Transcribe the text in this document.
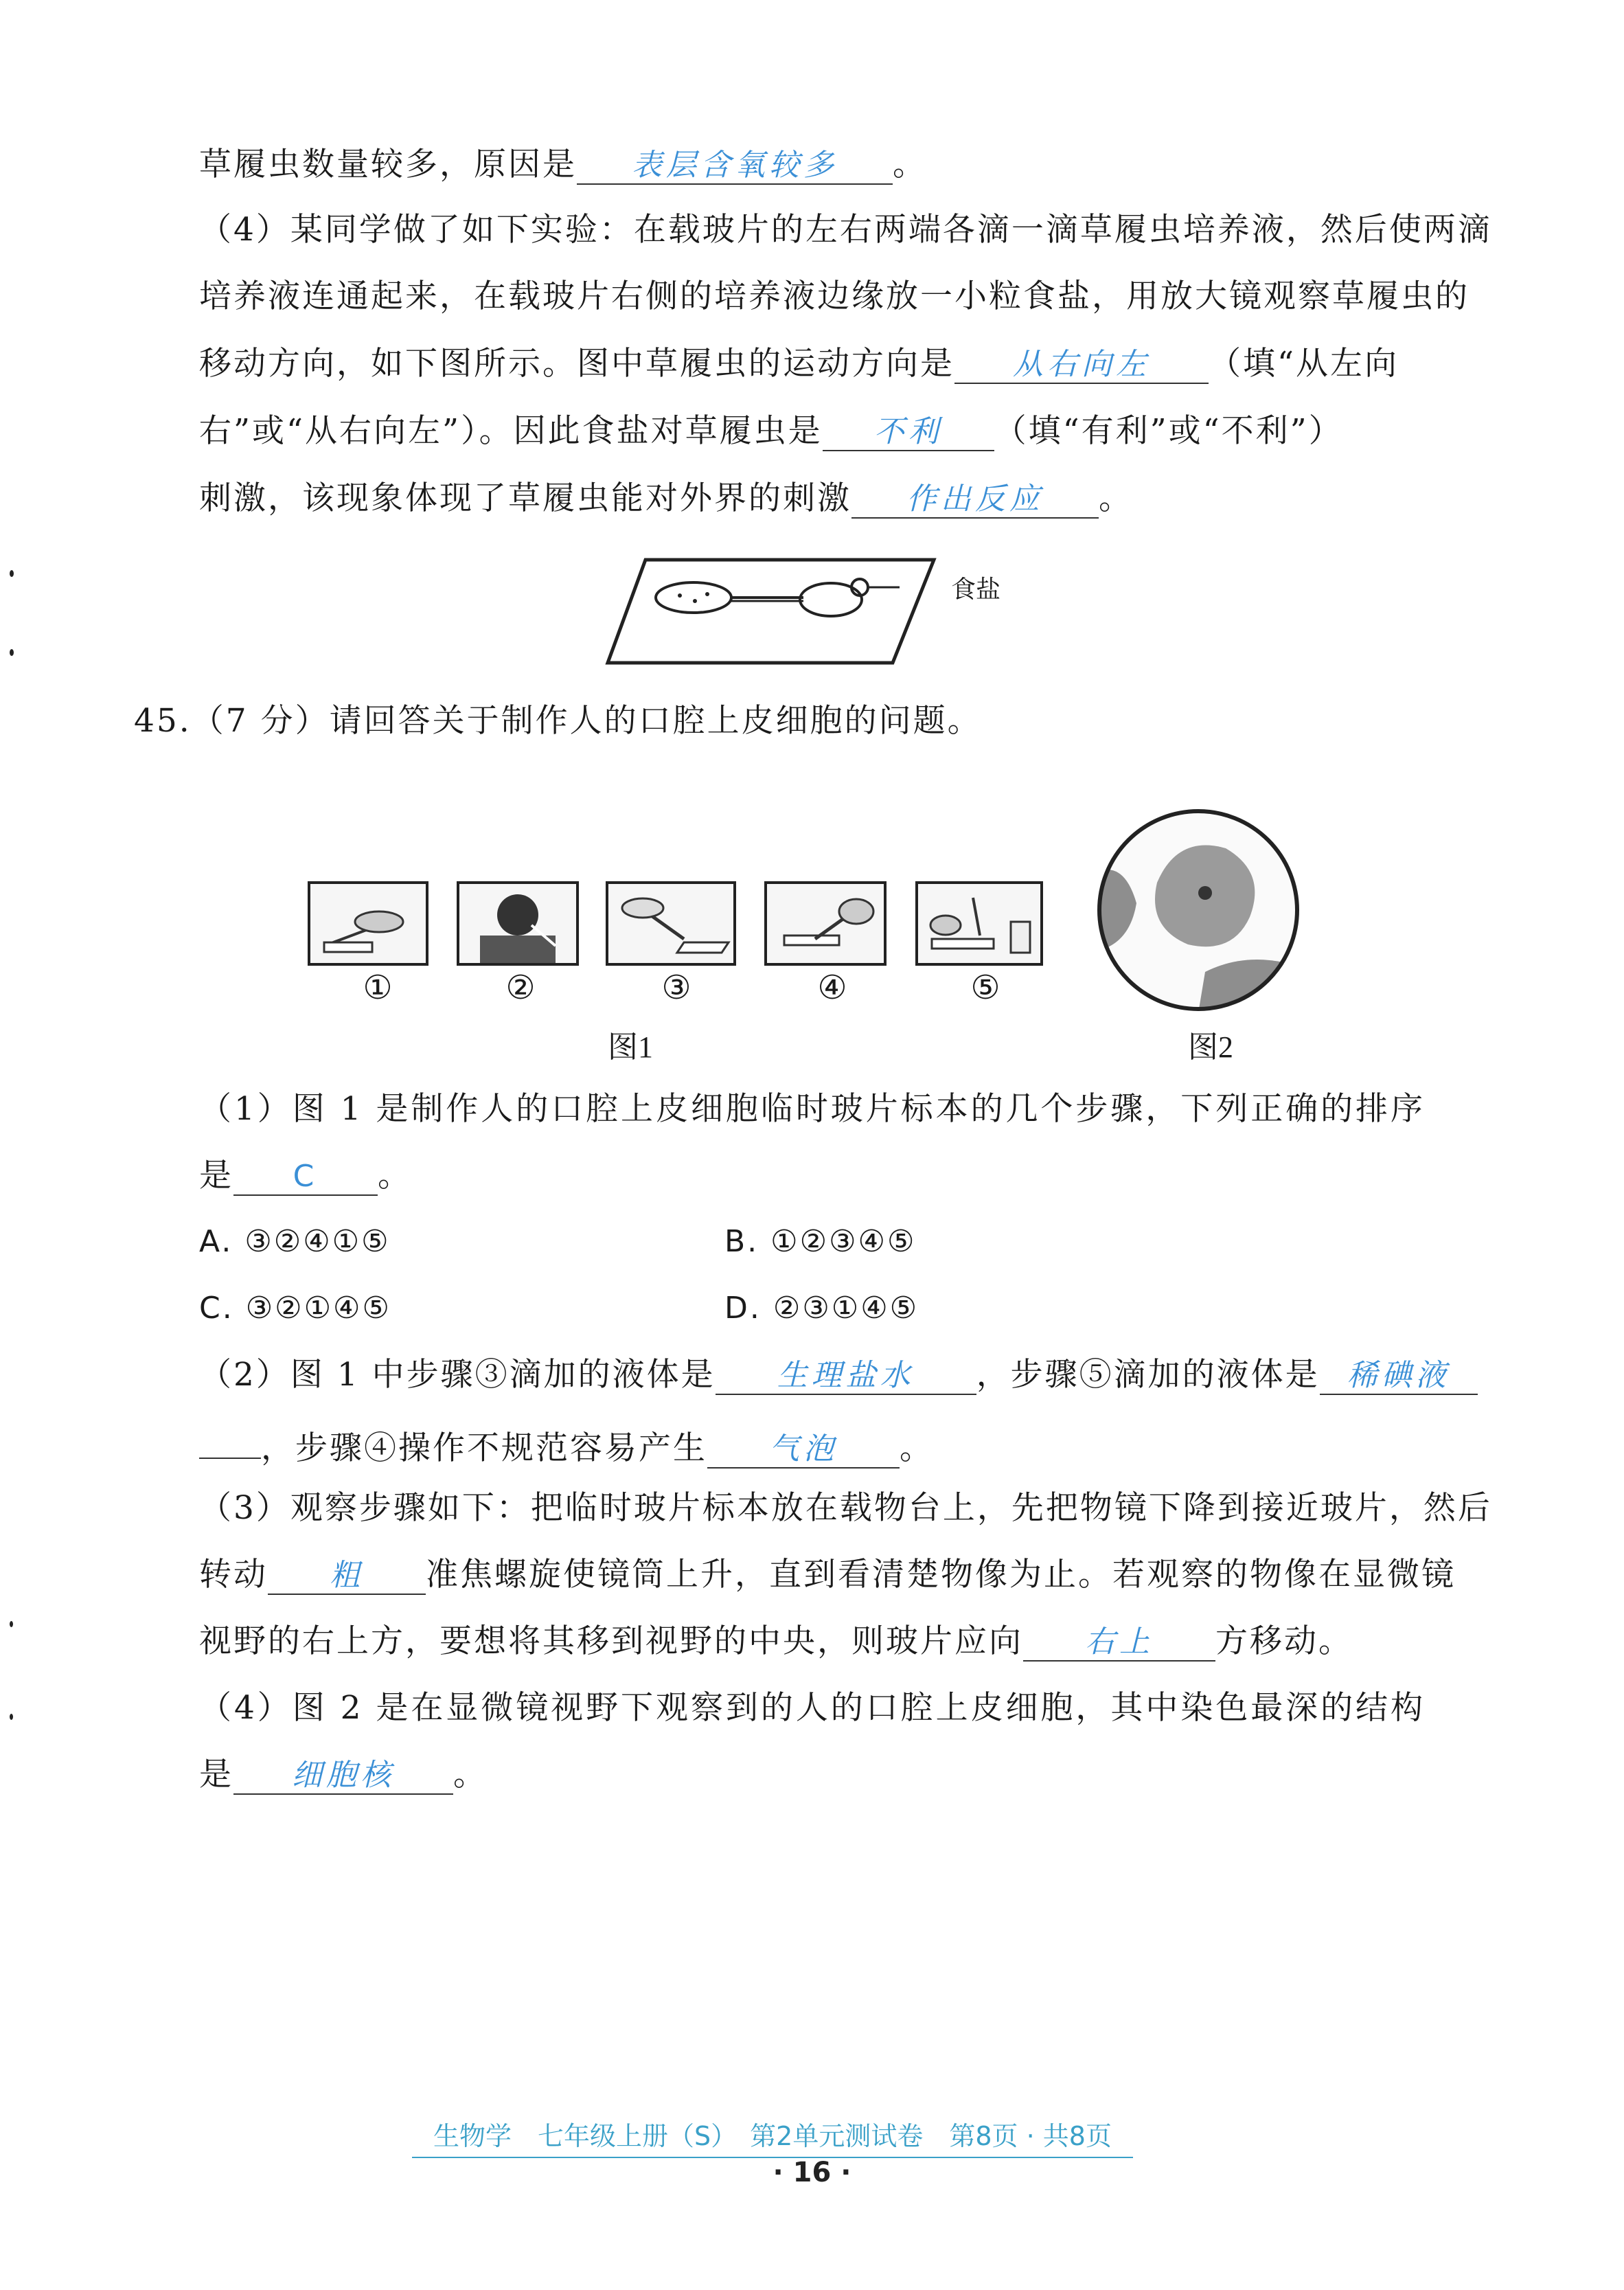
草履虫数量较多，原因是 表层含氧较多 。
（4）某同学做了如下实验：在载玻片的左右两端各滴一滴草履虫培养液，然后使两滴
培养液连通起来，在载玻片右侧的培养液边缘放一小粒食盐，用放大镜观察草履虫的
移动方向，如下图所示。图中草履虫的运动方向是 从右向左 （填“从左向
右”或“从右向左”）。因此食盐对草履虫是 不利 （填“有利”或“不利”）
刺激，该现象体现了草履虫能对外界的刺激 作出反应 。
食盐
45.（7 分）请回答关于制作人的口腔上皮细胞的问题。
①	②	③	④	⑤
图1	图2
（1）图 1 是制作人的口腔上皮细胞临时玻片标本的几个步骤，下列正确的排序
是 C 。
A. ③②④①⑤	B. ①②③④⑤
C. ③②①④⑤	D. ②③①④⑤
（2）图 1 中步骤③滴加的液体是 生理盐水 ，步骤⑤滴加的液体是 稀碘液
，步骤④操作不规范容易产生 气泡 。
（3）观察步骤如下：把临时玻片标本放在载物台上，先把物镜下降到接近玻片，然后
转动 粗 准焦螺旋使镜筒上升，直到看清楚物像为止。若观察的物像在显微镜
视野的右上方，要想将其移到视野的中央，则玻片应向 右上 方移动。
（4）图 2 是在显微镜视野下观察到的人的口腔上皮细胞，其中染色最深的结构
是 细胞核 。
生物学　七年级上册（S）　第2单元测试卷　第8页 · 共8页
· 16 ·
